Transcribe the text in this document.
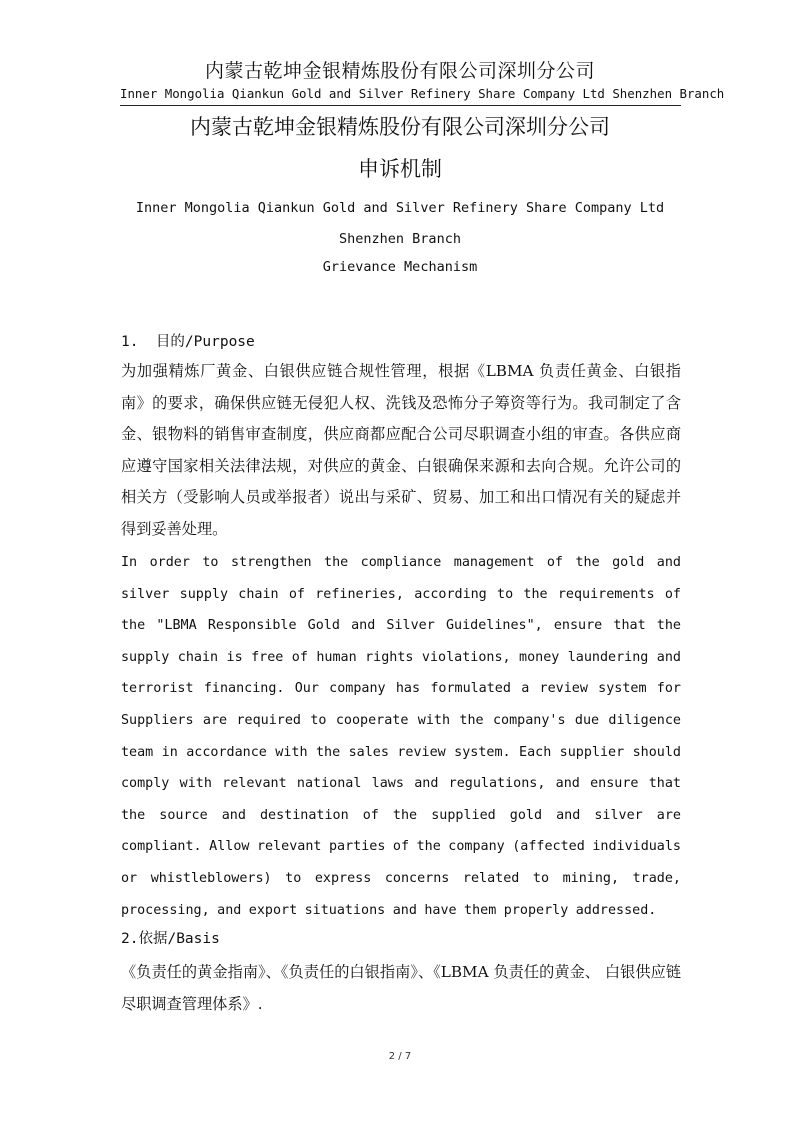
内蒙古乾坤金银精炼股份有限公司深圳分公司
Inner Mongolia Qiankun Gold and Silver Refinery Share Company Ltd Shenzhen Branch
内蒙古乾坤金银精炼股份有限公司深圳分公司
申诉机制
Inner Mongolia Qiankun Gold and Silver Refinery Share Company Ltd Shenzhen Branch
Grievance Mechanism
1.  目的/Purpose
为加强精炼厂黄金、白银供应链合规性管理，根据《LBMA 负责任黄金、白银指南》的要求，确保供应链无侵犯人权、洗钱及恐怖分子筹资等行为。我司制定了含金、银物料的销售审查制度，供应商都应配合公司尽职调查小组的审查。各供应商应遵守国家相关法律法规，对供应的黄金、白银确保来源和去向合规。允许公司的相关方（受影响人员或举报者）说出与采矿、贸易、加工和出口情况有关的疑虑并得到妥善处理。
In order to strengthen the compliance management of the gold and silver supply chain of refineries, according to the requirements of the "LBMA Responsible Gold and Silver Guidelines", ensure that the supply chain is free of human rights violations, money laundering and terrorist financing. Our company has formulated a review system for Suppliers are required to cooperate with the company's due diligence team in accordance with the sales review system. Each supplier should comply with relevant national laws and regulations, and ensure that the source and destination of the supplied gold and silver are compliant. Allow relevant parties of the company (affected individuals or whistleblowers) to express concerns related to mining, trade, processing, and export situations and have them properly addressed.
2.依据/Basis
《负责任的黄金指南》、《负责任的白银指南》、《LBMA 负责任的黄金、 白银供应链尽职调查管理体系》.
2 / 7
